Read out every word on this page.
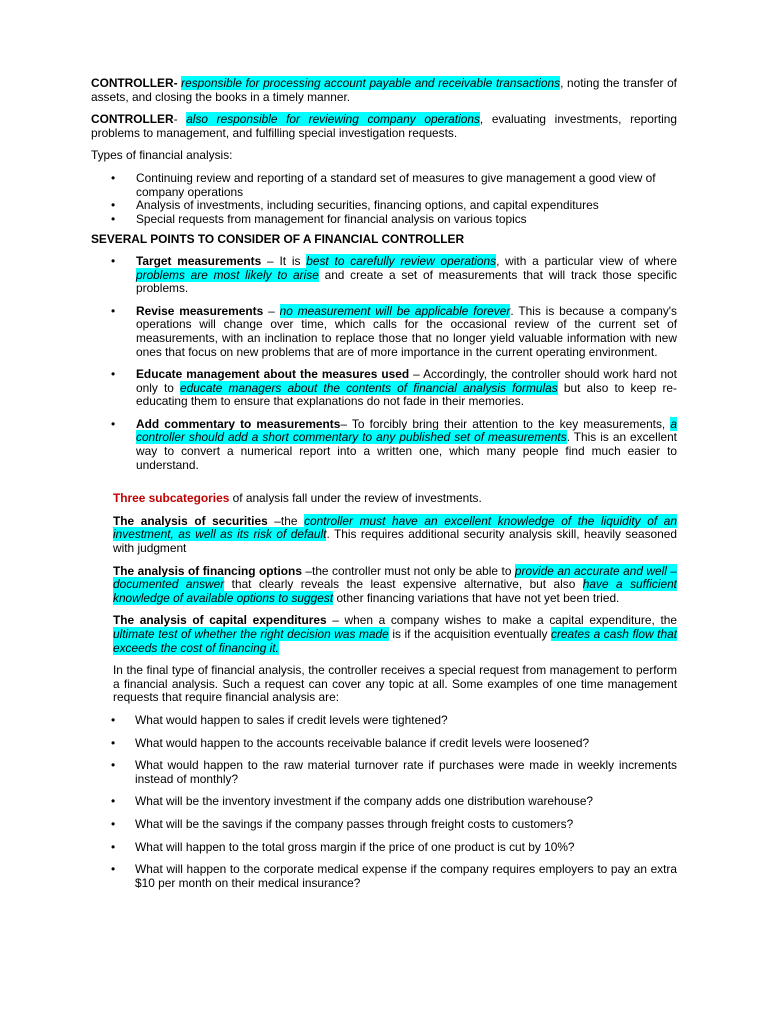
CONTROLLER- responsible for processing account payable and receivable transactions, noting the transfer of assets, and closing the books in a timely manner.

CONTROLLER- also responsible for reviewing company operations, evaluating investments, reporting problems to management, and fulfilling special investigation requests.

Types of financial analysis:

• Continuing review and reporting of a standard set of measures to give management a good view of company operations
• Analysis of investments, including securities, financing options, and capital expenditures
• Special requests from management for financial analysis on various topics

SEVERAL POINTS TO CONSIDER OF A FINANCIAL CONTROLLER

• Target measurements – It is best to carefully review operations, with a particular view of where problems are most likely to arise and create a set of measurements that will track those specific problems.
• Revise measurements – no measurement will be applicable forever. This is because a company's operations will change over time, which calls for the occasional review of the current set of measurements, with an inclination to replace those that no longer yield valuable information with new ones that focus on new problems that are of more importance in the current operating environment.
• Educate management about the measures used – Accordingly, the controller should work hard not only to educate managers about the contents of financial analysis formulas but also to keep re-educating them to ensure that explanations do not fade in their memories.
• Add commentary to measurements– To forcibly bring their attention to the key measurements, a controller should add a short commentary to any published set of measurements. This is an excellent way to convert a numerical report into a written one, which many people find much easier to understand.

Three subcategories of analysis fall under the review of investments.

The analysis of securities –the controller must have an excellent knowledge of the liquidity of an investment, as well as its risk of default. This requires additional security analysis skill, heavily seasoned with judgment

The analysis of financing options –the controller must not only be able to provide an accurate and well – documented answer that clearly reveals the least expensive alternative, but also have a sufficient knowledge of available options to suggest other financing variations that have not yet been tried.

The analysis of capital expenditures – when a company wishes to make a capital expenditure, the ultimate test of whether the right decision was made is if the acquisition eventually creates a cash flow that exceeds the cost of financing it.

In the final type of financial analysis, the controller receives a special request from management to perform a financial analysis. Such a request can cover any topic at all. Some examples of one time management requests that require financial analysis are:

• What would happen to sales if credit levels were tightened?
• What would happen to the accounts receivable balance if credit levels were loosened?
• What would happen to the raw material turnover rate if purchases were made in weekly increments instead of monthly?
• What will be the inventory investment if the company adds one distribution warehouse?
• What will be the savings if the company passes through freight costs to customers?
• What will happen to the total gross margin if the price of one product is cut by 10%?
• What will happen to the corporate medical expense if the company requires employers to pay an extra $10 per month on their medical insurance?
